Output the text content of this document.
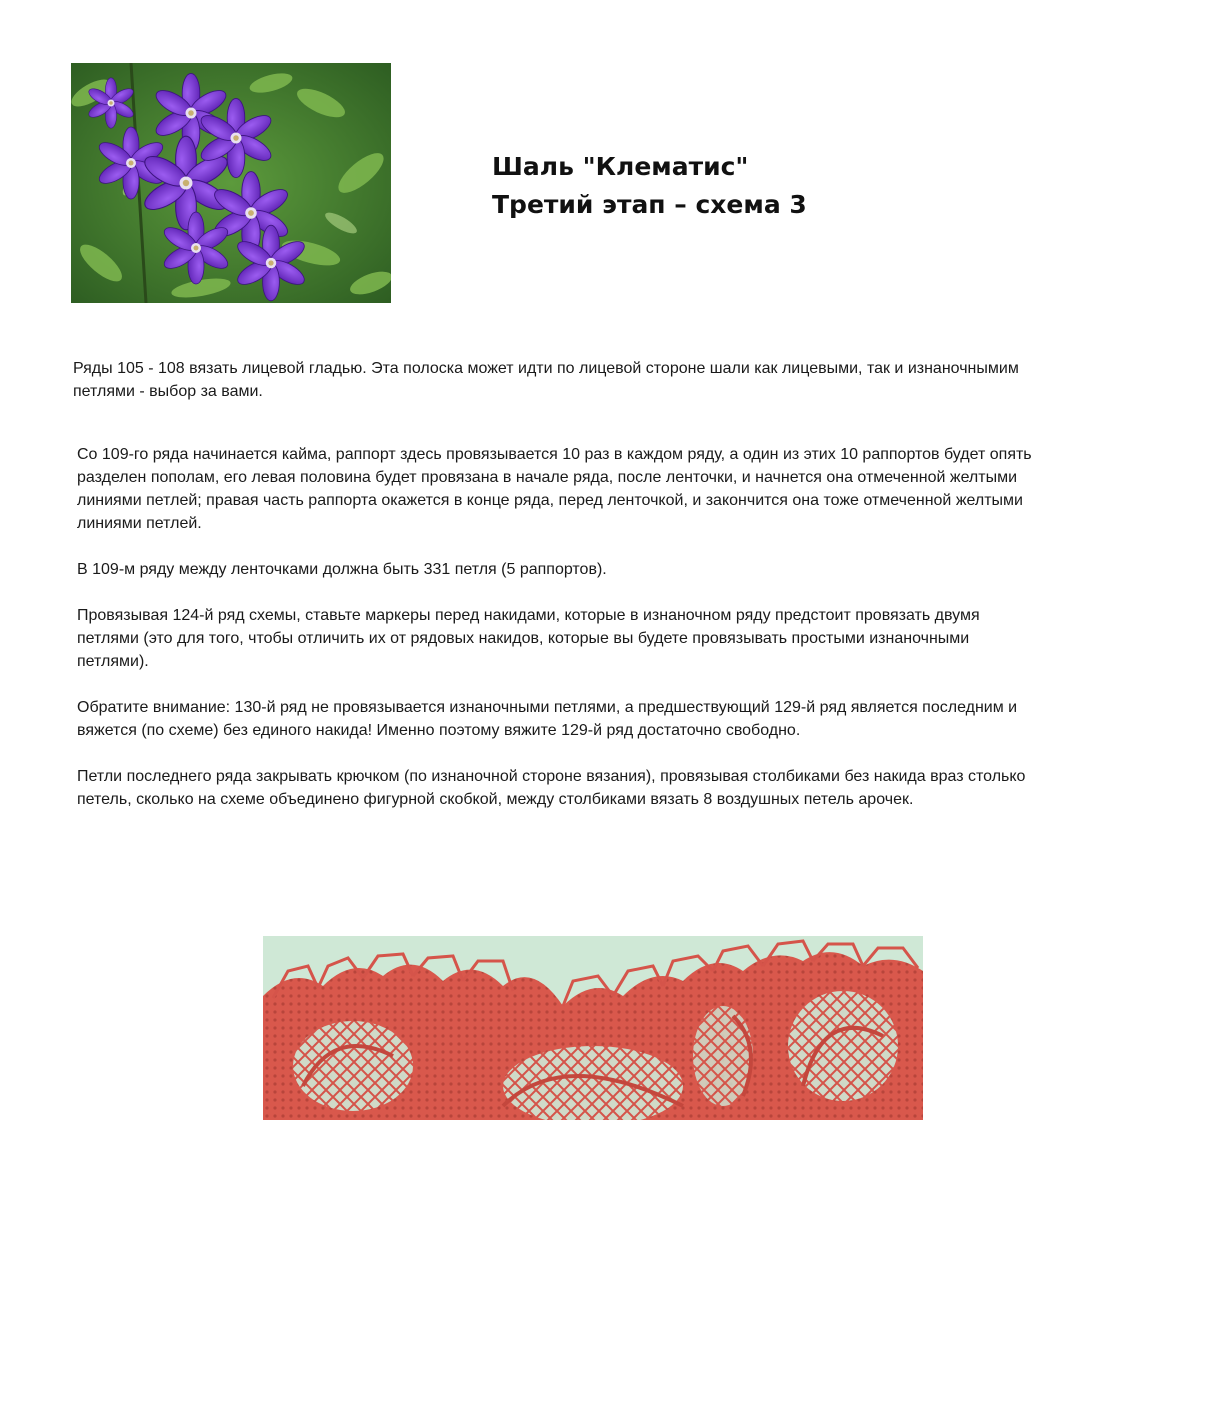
Шаль "Клематис"
Третий этап – схема 3

Ряды 105 - 108 вязать лицевой гладью. Эта полоска может идти по лицевой стороне шали как лицевыми, так и изнаночнымим петлями - выбор за вами.

Со 109-го ряда начинается кайма, раппорт здесь провязывается 10 раз в каждом ряду, а один из этих 10 раппортов будет опять разделен пополам, его левая половина будет провязана в начале ряда, после ленточки, и начнется она отмеченной желтыми линиями петлей; правая часть раппорта окажется в конце ряда, перед ленточкой, и закончится она тоже отмеченной желтыми линиями петлей.

В 109-м ряду между ленточками должна быть 331 петля (5 раппортов).

Провязывая 124-й ряд схемы, ставьте маркеры перед накидами, которые в изнаночном ряду предстоит провязать двумя петлями (это для того, чтобы отличить их от рядовых накидов, которые вы будете провязывать простыми изнаночными петлями).

Обратите внимание: 130-й ряд не провязывается изнаночными петлями, а предшествующий 129-й ряд является последним и вяжется (по схеме) без единого накида! Именно поэтому вяжите 129-й ряд достаточно свободно.

Петли последнего ряда закрывать крючком (по изнаночной стороне вязания), провязывая столбиками без накида враз столько петель, сколько на схеме объединено фигурной скобкой, между столбиками вязать 8 воздушных петель арочек.
